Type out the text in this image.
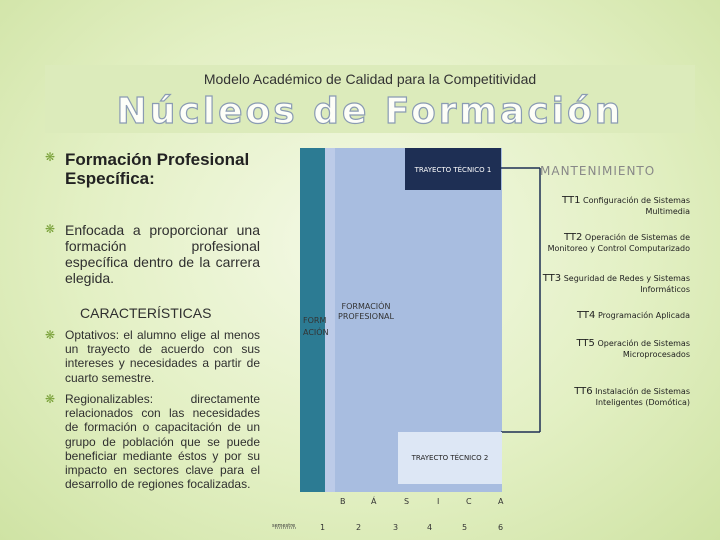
Modelo Académico de Calidad para la Competitividad
Núcleos de Formación
❋ Formación Profesional Específica:
❋ Enfocada a proporcionar una formación profesional específica dentro de la carrera elegida.
CARACTERÍSTICAS
❋ Optativos: el alumno elige al menos un trayecto de acuerdo con sus intereses y necesidades a partir de cuarto semestre.
❋ Regionalizables: directamente relacionados con las necesidades de formación o capacitación de un grupo de población que se puede beneficiar mediante éstos y por su impacto en sectores clave para el desarrollo de regiones focalizadas.
TRAYECTO TÉCNICO 1
TRAYECTO TÉCNICO 2
MANTENIMIENTO
FORMACIÓN PROFESIONAL
FORM
ACIÓN
TT1 Configuración de Sistemas Multimedia
TT2 Operación de Sistemas de Monitoreo y Control Computarizado
TT3 Seguridad de Redes y Sistemas Informáticos
TT4 Programación Aplicada
TT5 Operación de Sistemas Microprocesados
TT6 Instalación de Sistemas Inteligentes (Domótica)
B	Á	S	I	C	A
semestre	1	2	3	4	5	6
